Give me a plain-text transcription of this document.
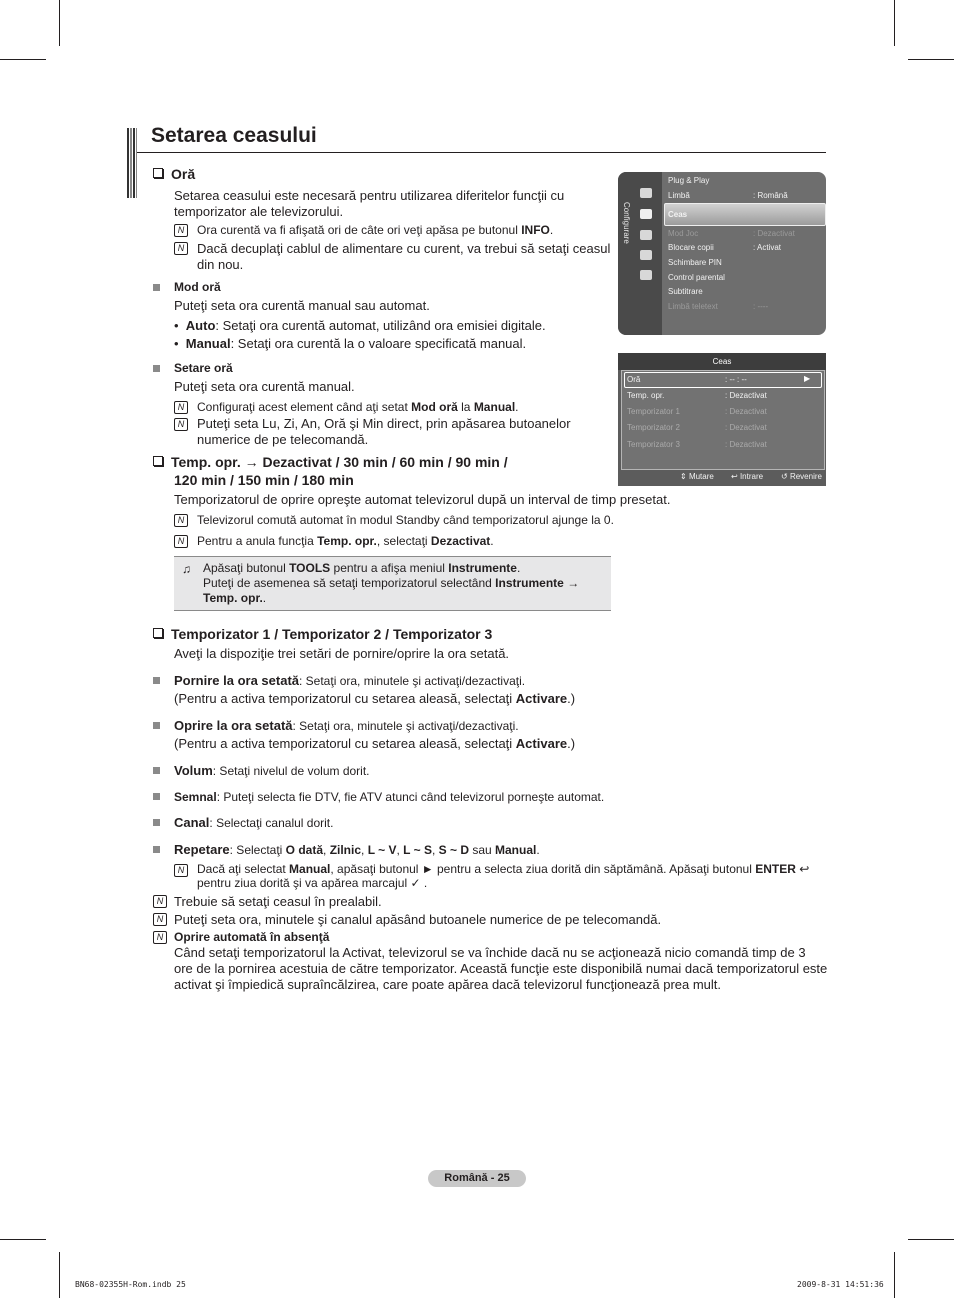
Setarea ceasului
Oră
Setarea ceasului este necesară pentru utilizarea diferitelor funcţii cu temporizator ale televizorului.
N	Ora curentă va fi afişată ori de câte ori veţi apăsa pe butonul INFO.
N Dacă decuplaţi cablul de alimentare cu curent, va trebui să setaţi ceasul din nou.
Mod oră
Puteţi seta ora curentă manual sau automat.
•  Auto: Setaţi ora curentă automat, utilizând ora emisiei digitale.
•  Manual: Setaţi ora curentă la o valoare specificată manual.
Setare oră
Puteţi seta ora curentă manual.
N	Configuraţi acest element când aţi setat Mod oră la Manual.
N Puteţi seta Lu, Zi, An, Oră şi Min direct, prin apăsarea butoanelor numerice de pe telecomandă.
Temp. opr. → Dezactivat / 30 min / 60 min / 90 min /
120 min / 150 min / 180 min
Temporizatorul de oprire opreşte automat televizorul după un interval de timp presetat.
N	Televizorul comută automat în modul Standby când temporizatorul ajunge la 0.
N	Pentru a anula funcţia Temp. opr., selectaţi Dezactivat.
♫ Apăsaţi butonul TOOLS pentru a afişa meniul Instrumente.
Puteţi de asemenea să setaţi temporizatorul selectând Instrumente →
Temp. opr..
Temporizator 1 / Temporizator 2 / Temporizator 3
Aveţi la dispoziţie trei setări de pornire/oprire la ora setată.
Pornire la ora setată: Setaţi ora, minutele şi activaţi/dezactivaţi.
(Pentru a activa temporizatorul cu setarea aleasă, selectaţi Activare.)
Oprire la ora setată: Setaţi ora, minutele şi activaţi/dezactivaţi.
(Pentru a activa temporizatorul cu setarea aleasă, selectaţi Activare.)
Volum: Setaţi nivelul de volum dorit.
Semnal: Puteţi selecta fie DTV, fie ATV atunci când televizorul porneşte automat.
Canal: Selectaţi canalul dorit.
Repetare: Selectaţi O dată, Zilnic, L ~ V, L ~ S, S ~ D sau Manual.
N	Dacă aţi selectat Manual, apăsaţi butonul ► pentru a selecta ziua dorită din săptămână. Apăsaţi butonul ENTER ↩
pentru ziua dorită şi va apărea marcajul ✓ .
N Trebuie să setaţi ceasul în prealabil.
N Puteţi seta ora, minutele şi canalul apăsând butoanele numerice de pe telecomandă.
N Oprire automată în absenţă
Când setaţi temporizatorul la Activat, televizorul se va închide dacă nu se acţionează nicio comandă timp de 3
ore de la pornirea acestuia de către temporizator. Această funcţie este disponibilă numai dacă temporizatorul este
activat şi împiedică supraîncălzirea, care poate apărea dacă televizorul funcţionează prea mult.
Configurare
Plug & Play
Limbă	: Română
Ceas
Mod Joc	: Dezactivat
Blocare copii	: Activat
Schimbare PIN
Control parental
Subtitrare
Limbă teletext	: ----
Ceas
Oră	: -- : --	▶
Temp. opr.	: Dezactivat
Temporizator 1	: Dezactivat
Temporizator 2	: Dezactivat
Temporizator 3	: Dezactivat
⇕ Mutare ↩ Intrare ↺ Revenire
Română - 25
BN68-02355H-Rom.indb 25	2009-8-31 14:51:36
